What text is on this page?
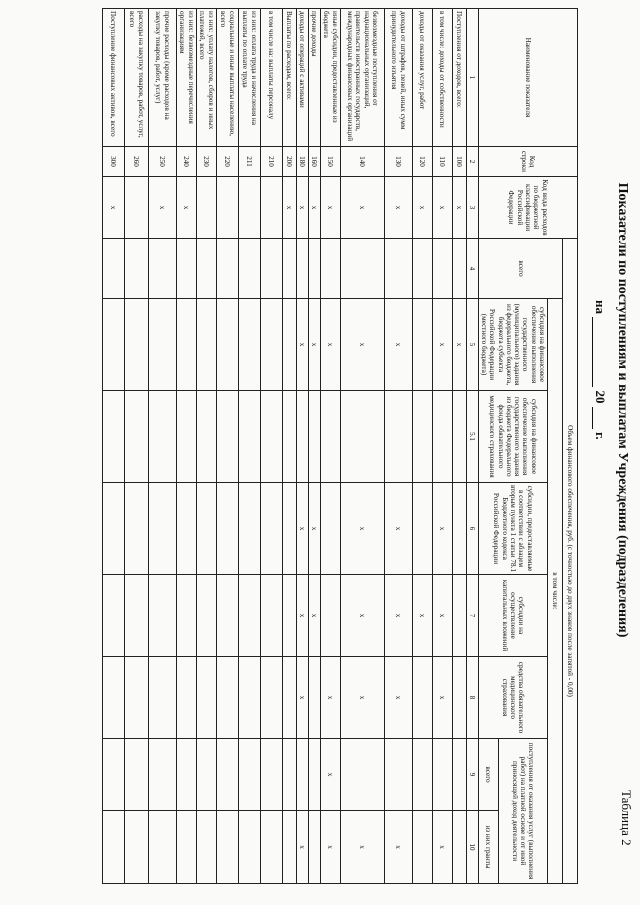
Таблица 2
Показатели по поступлениям и выплатам Учреждения (подразделения)
на  20  г.
Наименование показателя	Код строки	Код вида расходов по бюджетной классификации Российской Федерации	Объем финансового обеспечения, руб. (с точностью до двух знаков после запятой - 0,00)								
			всего	в том числе:							
				субсидия на финансовое обеспечение выполнения государственного (муниципального) задания из федерального бюджета, бюджета субъекта Российской Федерации (местного бюджета)	субсидия на финансовое обеспечение выполнения государственного задания из бюджета Федерального фонда обязательного медицинского страхования	субсидии, предоставляемые в соответствии с абзацем вторым пункта 1 статьи 78.1 Бюджетного кодекса Российской Федерации	субсидии на осуществление капитальных вложений	средства обязательного медицинского страхования	поступления от оказания услуг (выполнения работ) на платной основе и от иной приносящей доход деятельности		
									всего	из них гранты	
1	2	3	4	5	5.1	6	7	8	9	10	
Поступления от доходов, всего:	100	x		x							
в том числе: доходы от собственности	110	x		x		x	x	x		x	
доходы от оказания услуг, работ	120	x					x				
доходы от штрафов, пеней, иных сумм принудительного изъятия	130	x		x		x	x	x		x	
безвозмездные поступления от наднациональных организаций, правительств иностранных государств, международных финансовых организаций	140	x		x		x	x	x		x	
иные субсидии, предоставленные из бюджета	150	x		x				x	x	x	
прочие доходы	160	x		x		x	x				
доходы от операций с активами	180	x		x		x	x	x		x	
Выплаты по расходам, всего:	200	x									
в том числе на: выплаты персоналу	210										
из них: оплата труда и начисления на выплаты по оплате труда	211										
социальные и иные выплаты населению, всего	220										
из них: уплату налогов, сборов и иных платежей, всего	230										
из них: безвозмездные перечисления организациям	240	x									
прочие расходы (кроме расходов на закупку товаров, работ, услуг)	250	x									
расходы на закупку товаров, работ, услуг, всего	260										
Поступление финансовых активов, всего	300	x									
